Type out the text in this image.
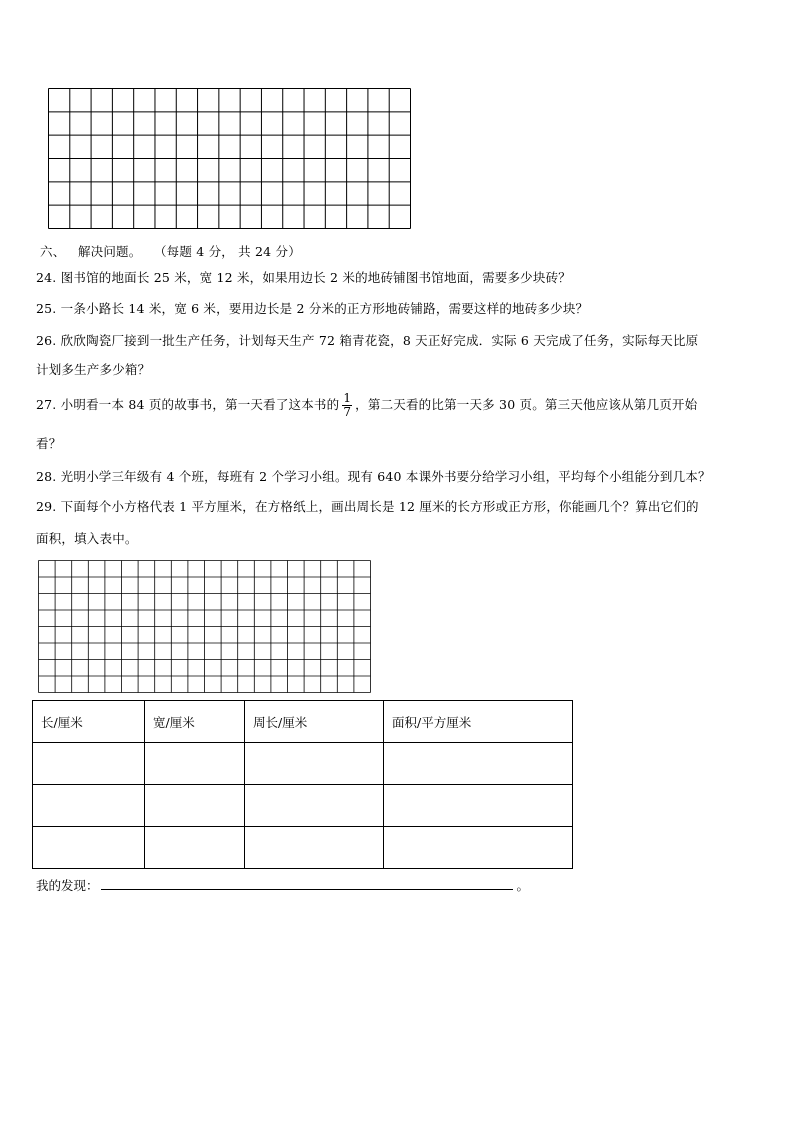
六、 解决问题。 （每题 4 分， 共 24 分）
24. 图书馆的地面长 25 米，宽 12 米，如果用边长 2 米的地砖铺图书馆地面，需要多少块砖？
25. 一条小路长 14 米，宽 6 米，要用边长是 2 分米的正方形地砖铺路，需要这样的地砖多少块？
26. 欣欣陶瓷厂接到一批生产任务，计划每天生产 72 箱青花瓷，8 天正好完成．实际 6 天完成了任务，实际每天比原
计划多生产多少箱？
27. 小明看一本 84 页的故事书，第一天看了这本书的 $\frac{1}{7}$ ，第二天看的比第一天多 30 页。第三天他应该从第几页开始
看？
28. 光明小学三年级有 4 个班，每班有 2 个学习小组。现有 640 本课外书要分给学习小组，平均每个小组能分到几本？
29. 下面每个小方格代表 1 平方厘米，在方格纸上，画出周长是 12 厘米的长方形或正方形，你能画几个？算出它们的
面积，填入表中。
长/厘米	宽/厘米	周长/厘米	面积/平方厘米

我的发现：	。
